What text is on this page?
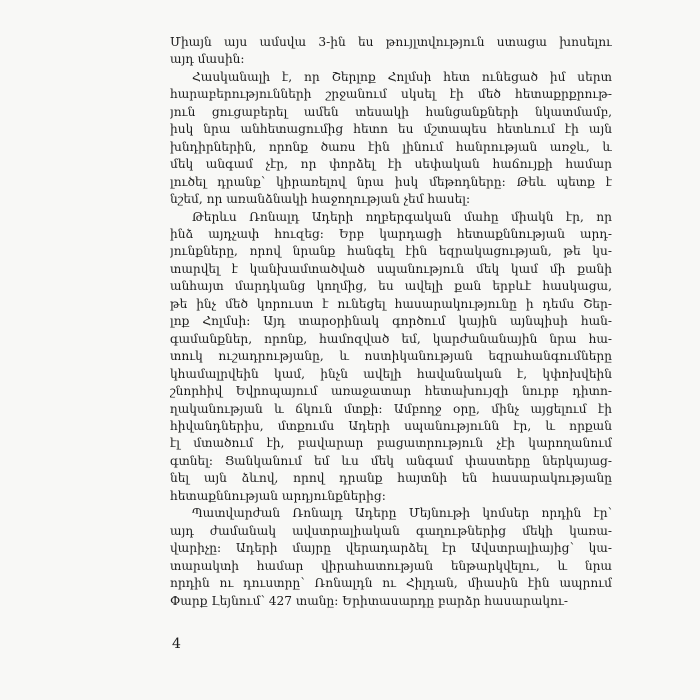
Միայն այս ամսվա 3-ին ես թույլտվություն ստացա խոսելու
այդ մասին:
Հասկանալի է, որ Շերլոք Հոլմսի հետ ունեցած իմ սերտ
հարաբերությունների շրջանում սկսել էի մեծ հետաքրքրութ-
յուն ցուցաբերել ամեն տեսակի հանցանքների նկատմամբ,
իսկ նրա անհետացումից հետո ես մշտապես հետևում էի այն
խնդիրներին, որոնք ծառս էին լինում հանրության առջև, և
մեկ անգամ չէր, որ փորձել էի սեփական հաճույքի համար
լուծել դրանք՝ կիրառելով նրա իսկ մեթոդները: Թեև պետք է
նշեմ, որ առանձնակի հաջողության չեմ հասել:
Թերևս Ռոնալդ Ադերի ողբերգական մահը միակն էր, որ
ինձ այդչափ հուզեց: Երբ կարդացի հետաքննության արդ-
յունքները, որով նրանք հանգել էին եզրակացության, թե կս-
տարվել է կանխամտածված սպանություն մեկ կամ մի քանի
անհայտ մարդկանց կողմից, ես ավելի քան երբևէ հասկացա,
թե ինչ մեծ կորուստ է ունեցել հասարակությունը ի դեմս Շեր-
լոք Հոլմսի: Այդ տարօրինակ գործում կային այնպիսի հան-
գամանքներ, որոնք, համոզված եմ, կարժանանային նրա հա-
տուկ ուշադրությանը, և ոստիկանության եզրահանգումները
կհամալրվեին կամ, ինչն ավելի հավանական է, կփոխվեին
շնորհիվ Եվրոպայում առաջատար հետախույզի նուրբ դիտո-
ղականության և ճկուն մտքի: Ամբողջ օրը, մինչ այցելում էի
հիվանդներիս, մտքումս Ադերի սպանությունն էր, և որքան
էլ մտածում էի, բավարար բացատրություն չէի կարողանում
գտնել: Ցանկանում եմ ևս մեկ անգամ փաստերը ներկայաց-
նել այն ձևով, որով դրանք հայտնի են հասարակությանը
հետաքննության արդյունքներից:
Պատվարժան Ռոնալդ Ադերը Մեյնութի կոմսեր որդին էր՝
այդ ժամանակ ավստրալիական գաղութներից մեկի կառա-
վարիչը: Ադերի մայրը վերադարձել էր Ավստրալիայից՝ կա-
տարակտի համար վիրահատության ենթարկվելու, և նրա
որդին ու դուստրը՝ Ռոնալդն ու Հիլդան, միասին էին ապրում
Փարք Լեյնում՝ 427 տանը: Երիտասարդը բարձր հասարակու-
4
